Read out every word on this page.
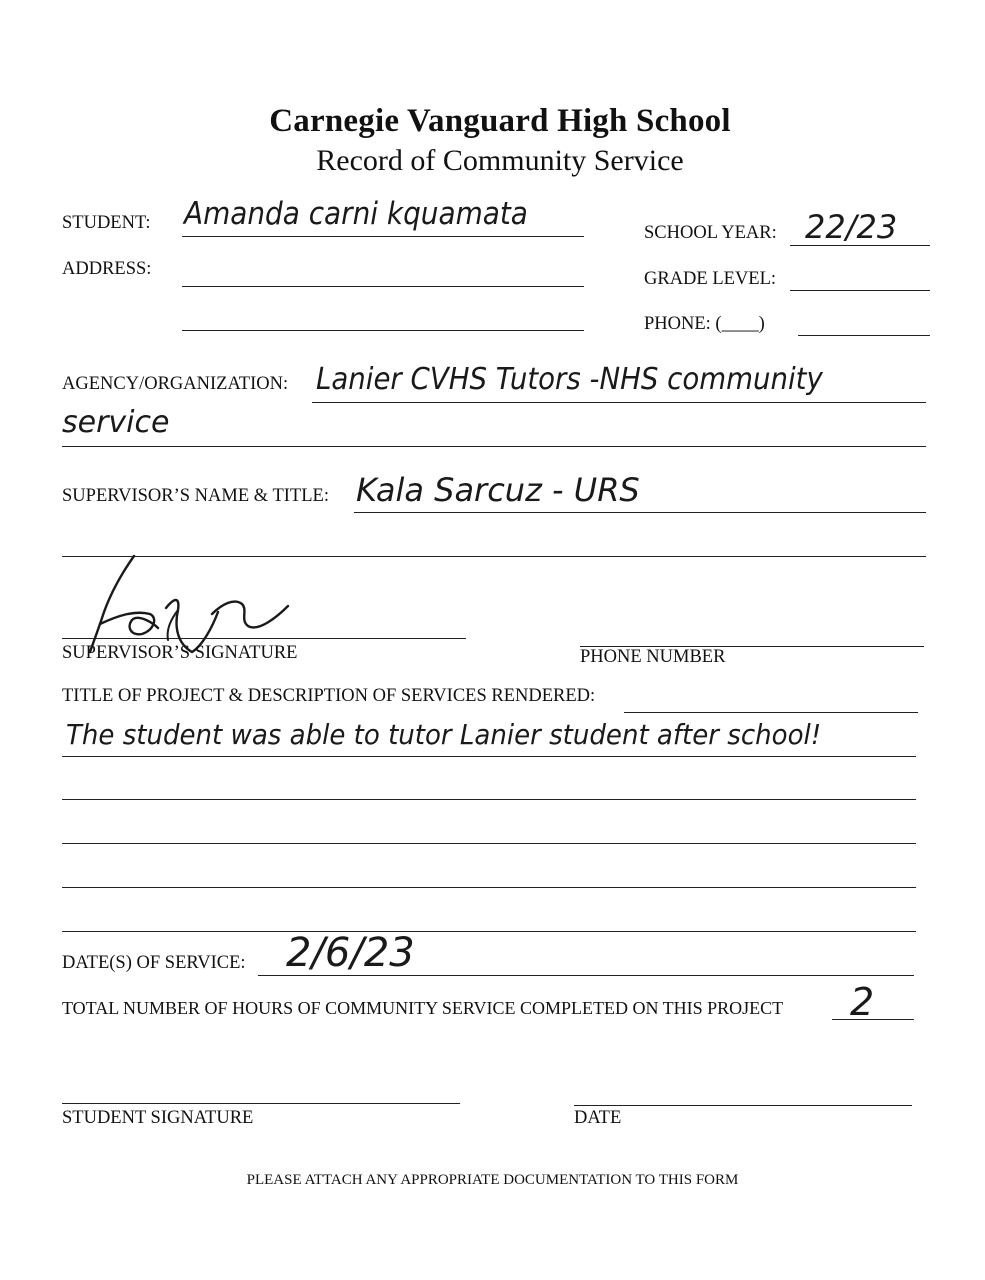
Carnegie Vanguard High School
Record of Community Service
STUDENT: Amanda carni kquamata
SCHOOL YEAR: 22/23
ADDRESS:	GRADE LEVEL:
PHONE: (____)
AGENCY/ORGANIZATION: Lanier CVHS Tutors -NHS community
service
SUPERVISOR’S NAME & TITLE: Kala Sarcuz - URS
SUPERVISOR’S SIGNATURE	PHONE NUMBER
TITLE OF PROJECT & DESCRIPTION OF SERVICES RENDERED:
The student was able to tutor Lanier student after school!
DATE(S) OF SERVICE: 2/6/23
TOTAL NUMBER OF HOURS OF COMMUNITY SERVICE COMPLETED ON THIS PROJECT 2
STUDENT SIGNATURE	DATE
PLEASE ATTACH ANY APPROPRIATE DOCUMENTATION TO THIS FORM
